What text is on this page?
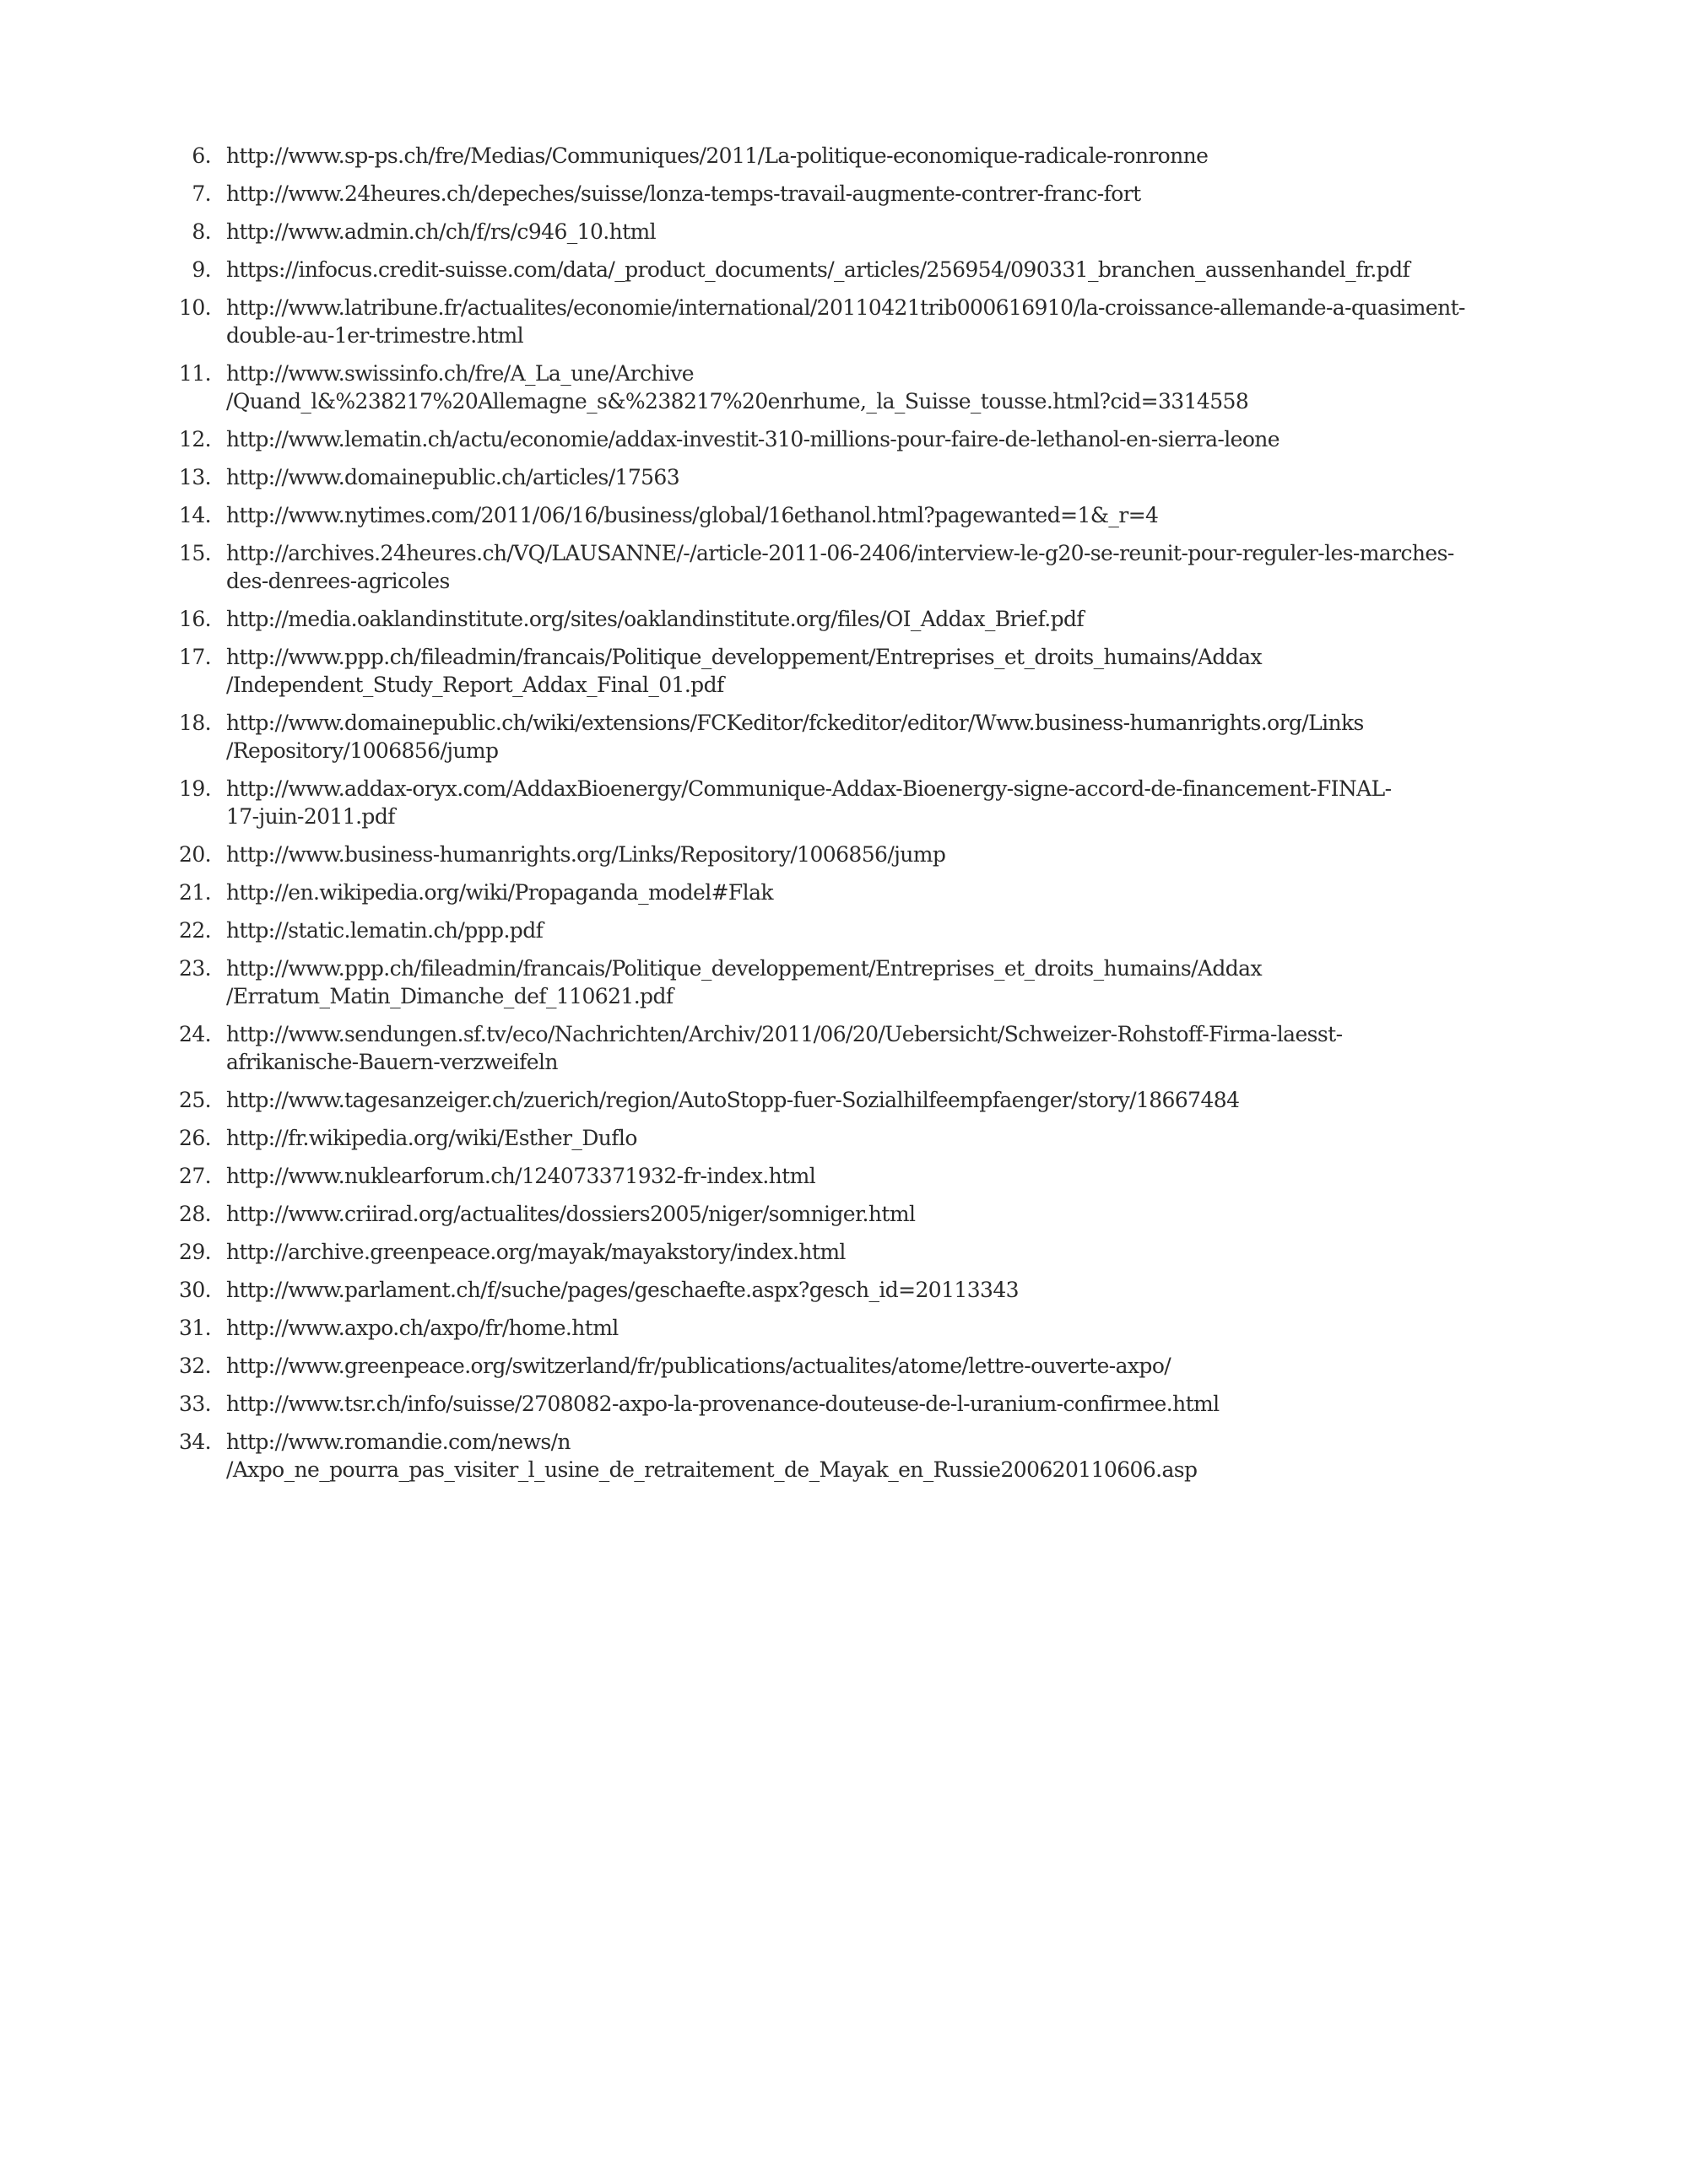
6. http://www.sp-ps.ch/fre/Medias/Communiques/2011/La-politique-economique-radicale-ronronne
7. http://www.24heures.ch/depeches/suisse/lonza-temps-travail-augmente-contrer-franc-fort
8. http://www.admin.ch/ch/f/rs/c946_10.html
9. https://infocus.credit-suisse.com/data/_product_documents/_articles/256954/090331_branchen_aussenhandel_fr.pdf
10. http://www.latribune.fr/actualites/economie/international/20110421trib000616910/la-croissance-allemande-a-quasiment-
double-au-1er-trimestre.html
11. http://www.swissinfo.ch/fre/A_La_une/Archive
/Quand_l&%238217%20Allemagne_s&%238217%20enrhume,_la_Suisse_tousse.html?cid=3314558
12. http://www.lematin.ch/actu/economie/addax-investit-310-millions-pour-faire-de-lethanol-en-sierra-leone
13. http://www.domainepublic.ch/articles/17563
14. http://www.nytimes.com/2011/06/16/business/global/16ethanol.html?pagewanted=1&_r=4
15. http://archives.24heures.ch/VQ/LAUSANNE/-/article-2011-06-2406/interview-le-g20-se-reunit-pour-reguler-les-marches-
des-denrees-agricoles
16. http://media.oaklandinstitute.org/sites/oaklandinstitute.org/files/OI_Addax_Brief.pdf
17. http://www.ppp.ch/fileadmin/francais/Politique_developpement/Entreprises_et_droits_humains/Addax
/Independent_Study_Report_Addax_Final_01.pdf
18. http://www.domainepublic.ch/wiki/extensions/FCKeditor/fckeditor/editor/Www.business-humanrights.org/Links
/Repository/1006856/jump
19. http://www.addax-oryx.com/AddaxBioenergy/Communique-Addax-Bioenergy-signe-accord-de-financement-FINAL-
17-juin-2011.pdf
20. http://www.business-humanrights.org/Links/Repository/1006856/jump
21. http://en.wikipedia.org/wiki/Propaganda_model#Flak
22. http://static.lematin.ch/ppp.pdf
23. http://www.ppp.ch/fileadmin/francais/Politique_developpement/Entreprises_et_droits_humains/Addax
/Erratum_Matin_Dimanche_def_110621.pdf
24. http://www.sendungen.sf.tv/eco/Nachrichten/Archiv/2011/06/20/Uebersicht/Schweizer-Rohstoff-Firma-laesst-
afrikanische-Bauern-verzweifeln
25. http://www.tagesanzeiger.ch/zuerich/region/AutoStopp-fuer-Sozialhilfeempfaenger/story/18667484
26. http://fr.wikipedia.org/wiki/Esther_Duflo
27. http://www.nuklearforum.ch/124073371932-fr-index.html
28. http://www.criirad.org/actualites/dossiers2005/niger/somniger.html
29. http://archive.greenpeace.org/mayak/mayakstory/index.html
30. http://www.parlament.ch/f/suche/pages/geschaefte.aspx?gesch_id=20113343
31. http://www.axpo.ch/axpo/fr/home.html
32. http://www.greenpeace.org/switzerland/fr/publications/actualites/atome/lettre-ouverte-axpo/
33. http://www.tsr.ch/info/suisse/2708082-axpo-la-provenance-douteuse-de-l-uranium-confirmee.html
34. http://www.romandie.com/news/n
/Axpo_ne_pourra_pas_visiter_l_usine_de_retraitement_de_Mayak_en_Russie200620110606.asp
